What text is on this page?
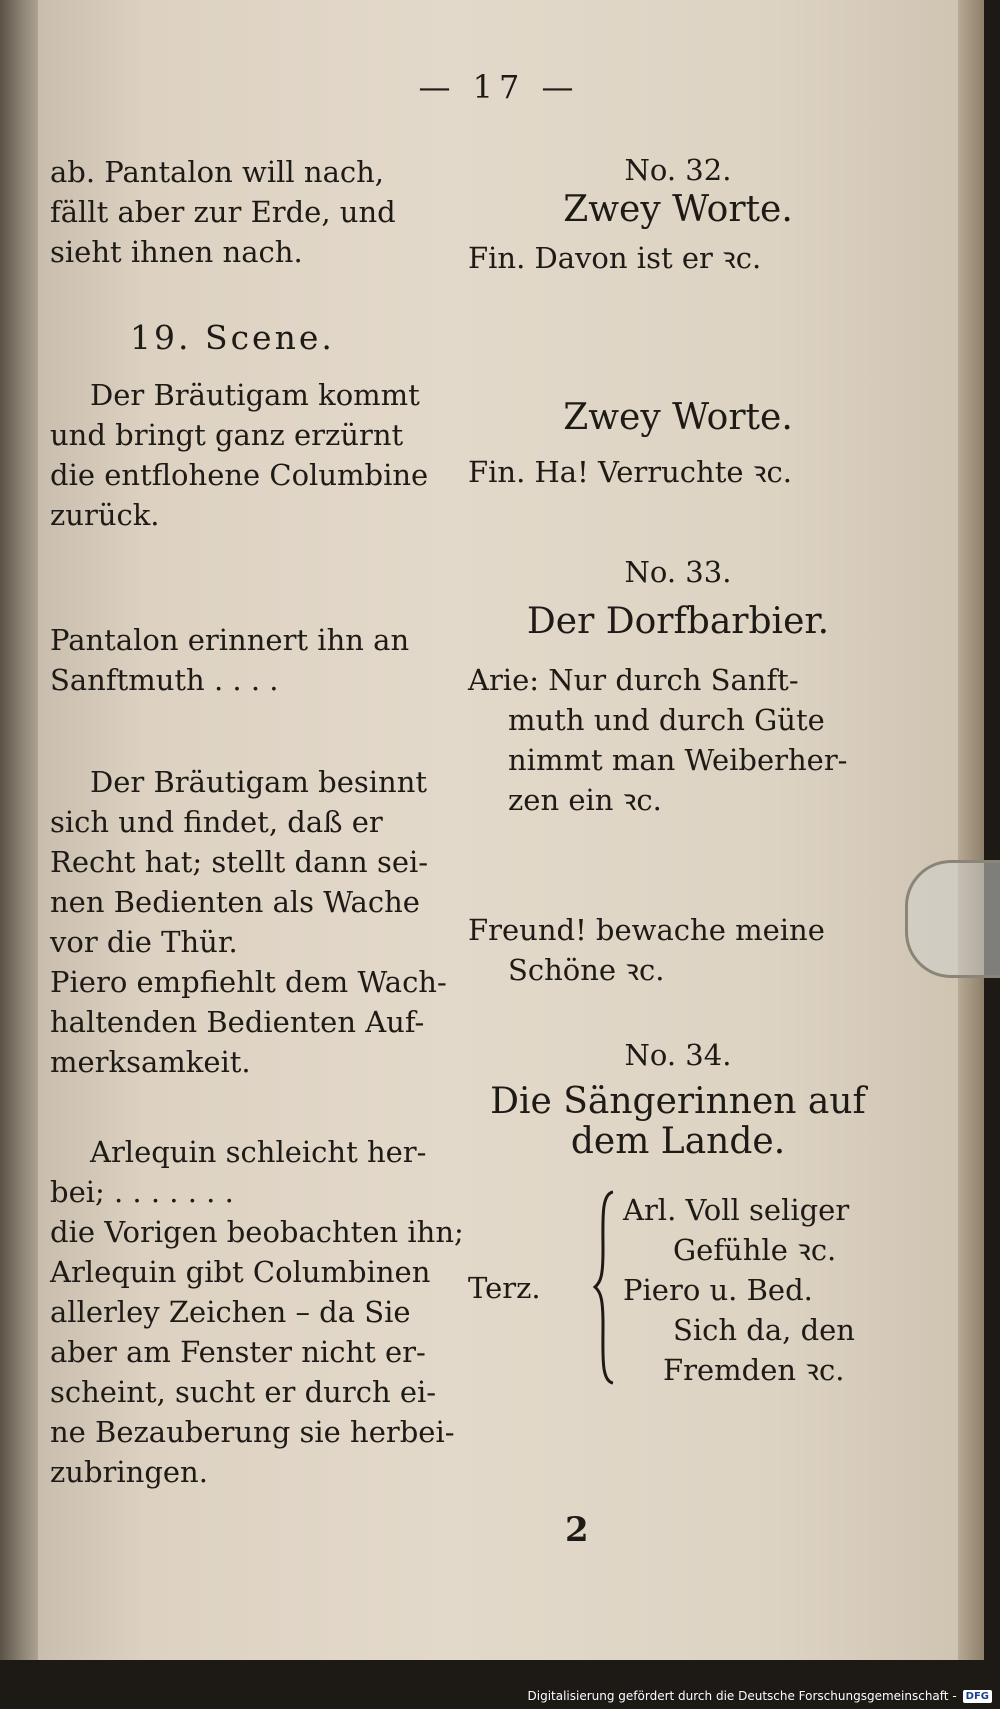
— 17 —
ab. Pantalon will nach,
fällt aber zur Erde, und
sieht ihnen nach.
19. Scene.
Der Bräutigam kommt
und bringt ganz erzürnt
die entflohene Columbine
zurück.
Pantalon erinnert ihn an
Sanftmuth . . . .
Der Bräutigam besinnt
sich und findet, daß er
Recht hat; stellt dann sei-
nen Bedienten als Wache
vor die Thür.
Piero empfiehlt dem Wach-
haltenden Bedienten Auf-
merksamkeit.
Arlequin schleicht her-
bei; . . . . . . .
die Vorigen beobachten ihn;
Arlequin gibt Columbinen
allerley Zeichen – da Sie
aber am Fenster nicht er-
scheint, sucht er durch ei-
ne Bezauberung sie herbei-
zubringen.
No. 32.
Zwey Worte.
Fin. Davon ist er ꝛc.
Zwey Worte.
Fin. Ha! Verruchte ꝛc.
No. 33.
Der Dorfbarbier.
Arie: Nur durch Sanft-
muth und durch Güte
nimmt man Weiberher-
zen ein ꝛc.
Freund! bewache meine
Schöne ꝛc.
No. 34.
Die Sängerinnen auf
dem Lande.
Terz.
Arl. Voll seliger
Gefühle ꝛc.
Piero u. Bed.
Sich da, den
Fremden ꝛc.
2
Digitalisierung gefördert durch die Deutsche Forschungsgemeinschaft - DFG
